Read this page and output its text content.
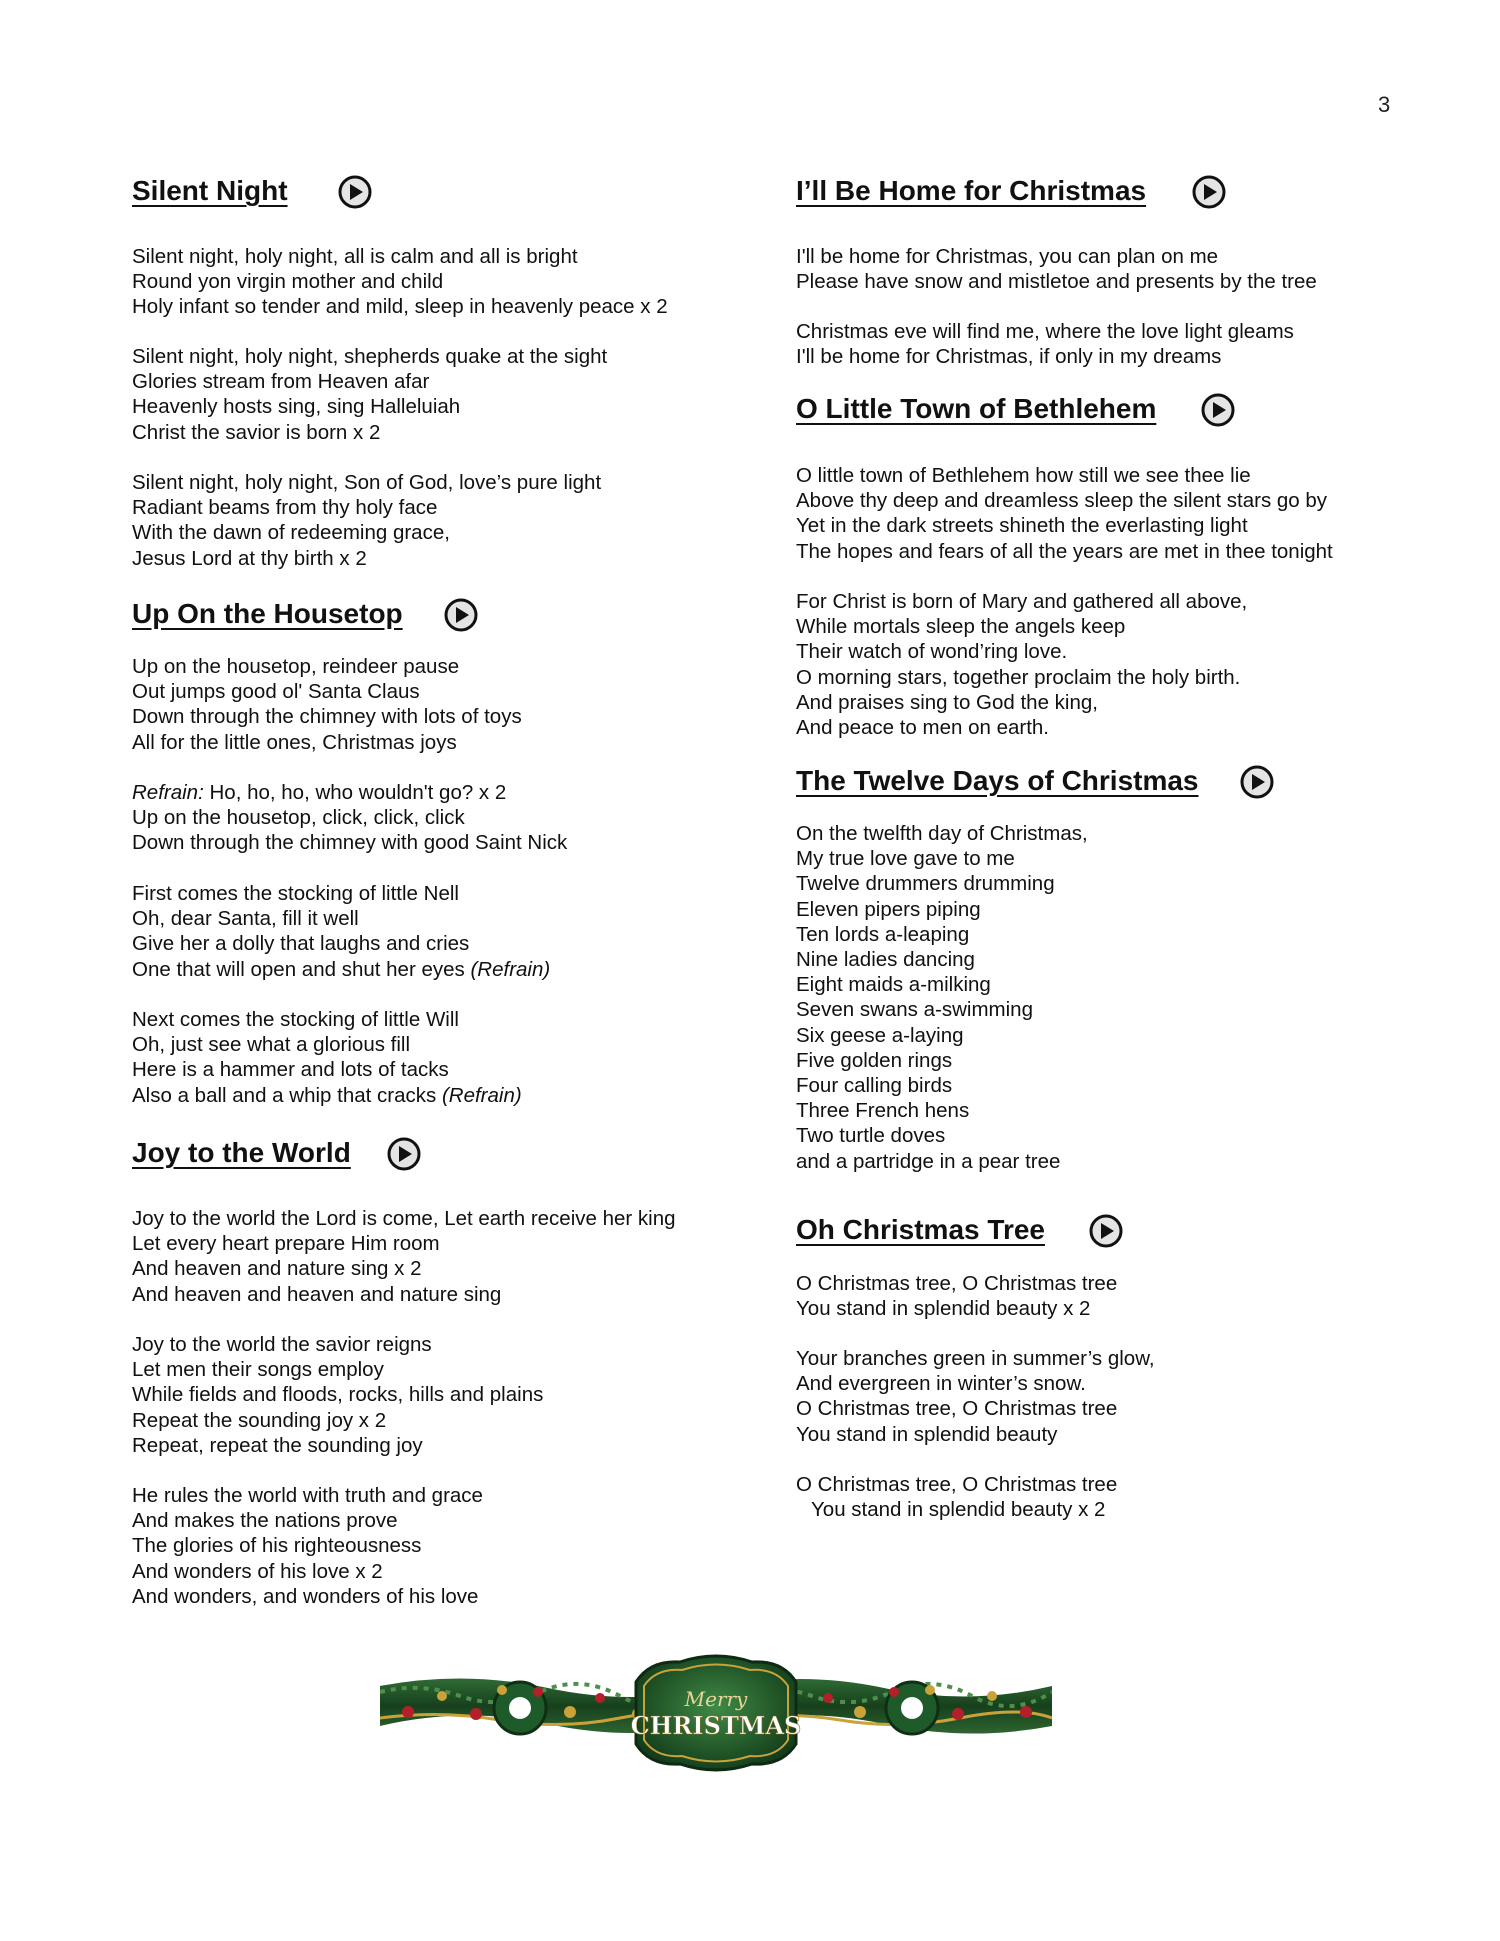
3
Silent Night
Silent night, holy night, all is calm and all is bright
Round yon virgin mother and child
Holy infant so tender and mild, sleep in heavenly peace x 2
Silent night, holy night, shepherds quake at the sight
Glories stream from Heaven afar
Heavenly hosts sing, sing Halleluiah
Christ the savior is born x 2
Silent night, holy night, Son of God, love’s pure light
Radiant beams from thy holy face
With the dawn of redeeming grace,
Jesus Lord at thy birth x 2
Up On the Housetop
Up on the housetop, reindeer pause
Out jumps good ol' Santa Claus
Down through the chimney with lots of toys
All for the little ones, Christmas joys
Refrain: Ho, ho, ho, who wouldn't go? x 2
Up on the housetop, click, click, click
Down through the chimney with good Saint Nick
First comes the stocking of little Nell
Oh, dear Santa, fill it well
Give her a dolly that laughs and cries
One that will open and shut her eyes (Refrain)
Next comes the stocking of little Will
Oh, just see what a glorious fill
Here is a hammer and lots of tacks
Also a ball and a whip that cracks (Refrain)
Joy to the World
Joy to the world the Lord is come, Let earth receive her king
Let every heart prepare Him room
And heaven and nature sing x 2
And heaven and heaven and nature sing
Joy to the world the savior reigns
Let men their songs employ
While fields and floods, rocks, hills and plains
Repeat the sounding joy x 2
Repeat, repeat the sounding joy
He rules the world with truth and grace
And makes the nations prove
The glories of his righteousness
And wonders of his love x 2
And wonders, and wonders of his love
I’ll Be Home for Christmas
I'll be home for Christmas, you can plan on me
Please have snow and mistletoe and presents by the tree
Christmas eve will find me, where the love light gleams
I'll be home for Christmas, if only in my dreams
O Little Town of Bethlehem
O little town of Bethlehem how still we see thee lie
Above thy deep and dreamless sleep the silent stars go by
Yet in the dark streets shineth the everlasting light
The hopes and fears of all the years are met in thee tonight
For Christ is born of Mary and gathered all above,
While mortals sleep the angels keep
Their watch of wond’ring love.
O morning stars, together proclaim the holy birth.
And praises sing to God the king,
And peace to men on earth.
The Twelve Days of Christmas
On the twelfth day of Christmas,
My true love gave to me
Twelve drummers drumming
Eleven pipers piping
Ten lords a-leaping
Nine ladies dancing
Eight maids a-milking
Seven swans a-swimming
Six geese a-laying
Five golden rings
Four calling birds
Three French hens
Two turtle doves
and a partridge in a pear tree
Oh Christmas Tree
O Christmas tree, O Christmas tree
You stand in splendid beauty x 2
Your branches green in summer’s glow,
And evergreen in winter’s snow.
O Christmas tree, O Christmas tree
You stand in splendid beauty
O Christmas tree, O Christmas tree
You stand in splendid beauty x 2
Merry
CHRISTMAS
